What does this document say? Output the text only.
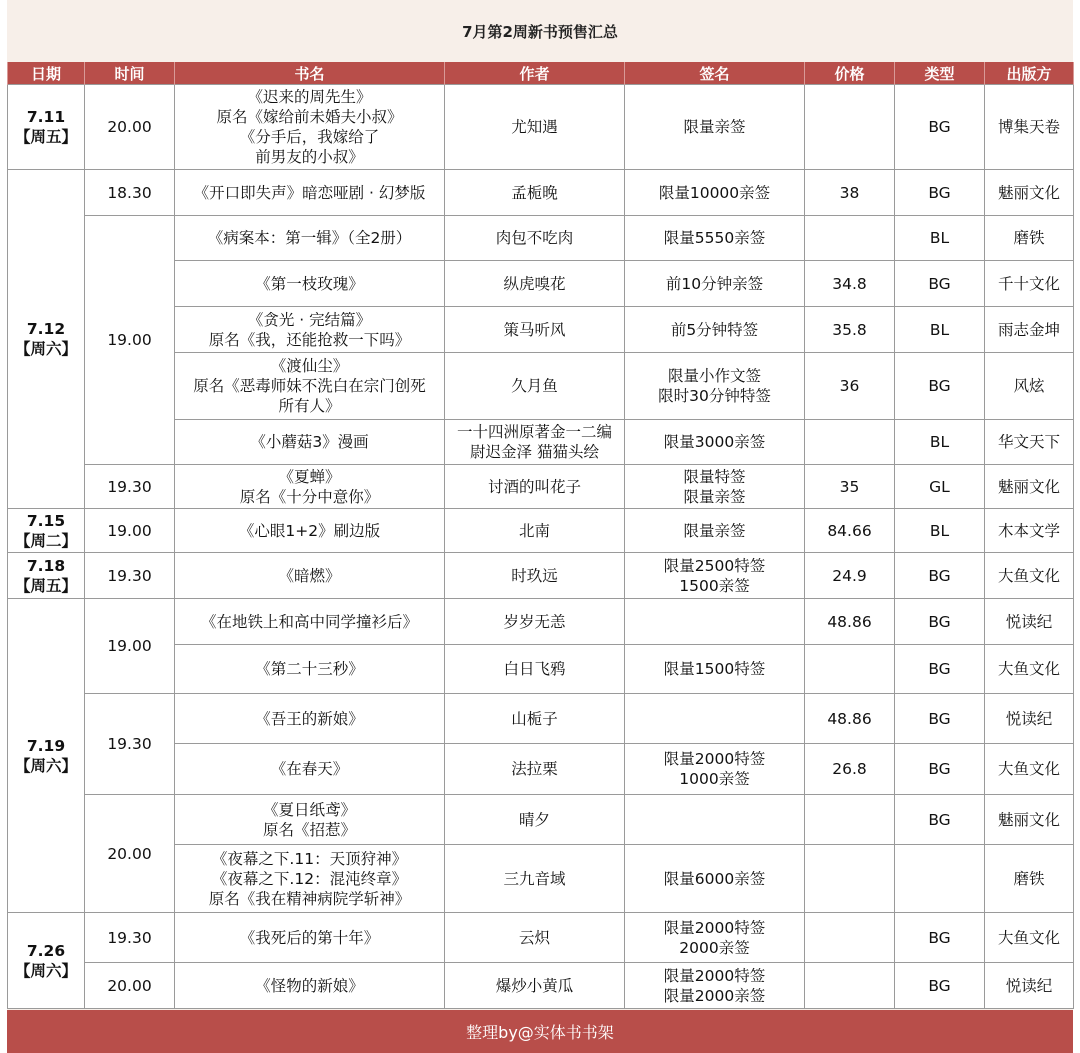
7月第2周新书预售汇总
日期	时间	书名	作者	签名	价格	类型	出版方
7.11
【周五】	20.00	《迟来的周先生》
原名《嫁给前未婚夫小叔》
《分手后，我嫁给了
前男友的小叔》	尤知遇	限量亲签		BG	博集天卷
7.12
【周六】	18.30	《开口即失声》暗恋哑剧 · 幻梦版	孟栀晚	限量10000亲签	38	BG	魅丽文化
	19.00	《病案本：第一辑》（全2册）	肉包不吃肉	限量5550亲签		BL	磨铁
		《第一枝玫瑰》	纵虎嗅花	前10分钟亲签	34.8	BG	千十文化
		《贪光 · 完结篇》
原名《我，还能抢救一下吗》	策马听风	前5分钟特签	35.8	BL	雨志金坤
		《渡仙尘》
原名《恶毒师妹不洗白在宗门创死
所有人》	久月鱼	限量小作文签
限时30分钟特签	36	BG	风炫
		《小蘑菇3》漫画	一十四洲原著金一二编
尉迟金泽 猫猫头绘	限量3000亲签		BL	华文天下
	19.30	《夏蝉》
原名《十分中意你》	讨酒的叫花子	限量特签
限量亲签	35	GL	魅丽文化
7.15
【周二】	19.00	《心眼1+2》刷边版	北南	限量亲签	84.66	BL	木本文学
7.18
【周五】	19.30	《暗燃》	时玖远	限量2500特签
1500亲签	24.9	BG	大鱼文化
7.19
【周六】	19.00	《在地铁上和高中同学撞衫后》	岁岁无恙		48.86	BG	悦读纪
		《第二十三秒》	白日飞鸦	限量1500特签		BG	大鱼文化
	19.30	《吾王的新娘》	山栀子		48.86	BG	悦读纪
		《在春天》	法拉栗	限量2000特签
1000亲签	26.8	BG	大鱼文化
	20.00	《夏日纸鸢》
原名《招惹》	晴夕			BG	魅丽文化
		《夜幕之下.11：天顶狩神》
《夜幕之下.12：混沌终章》
原名《我在精神病院学斩神》	三九音域	限量6000亲签			磨铁
7.26
【周六】	19.30	《我死后的第十年》	云炽	限量2000特签
2000亲签		BG	大鱼文化
	20.00	《怪物的新娘》	爆炒小黄瓜	限量2000特签
限量2000亲签		BG	悦读纪
整理by@实体书书架
